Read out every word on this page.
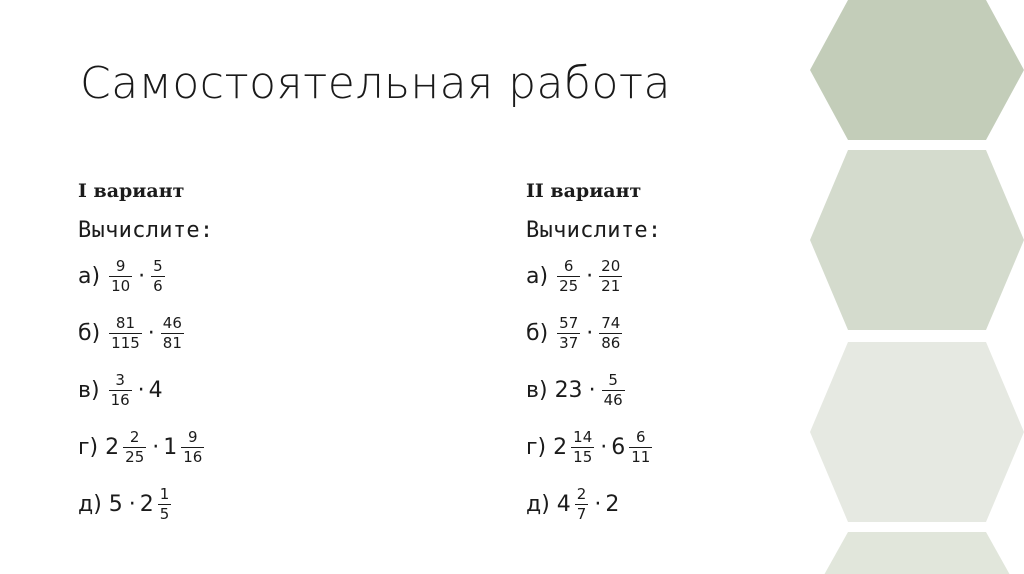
Самостоятельная работа
I вариант
Вычислите:
$а) \frac{9}{10} \cdot \frac{5}{6}$
$б) \frac{81}{115} \cdot \frac{46}{81}$
$в) \frac{3}{16} \cdot 4$
г) $2 \frac{2}{25} \cdot 1 \frac{9}{16}$
д) $5 \cdot 2 \frac{1}{5}$
II вариант
Вычислите:
$а) \frac{6}{25} \cdot \frac{20}{21}$
$б) \frac{57}{37} \cdot \frac{74}{86}$
в) $23 \cdot \frac{5}{46}$
г) $2 \frac{14}{15} \cdot 6 \frac{6}{11}$
д) $4 \frac{2}{7} \cdot 2$
